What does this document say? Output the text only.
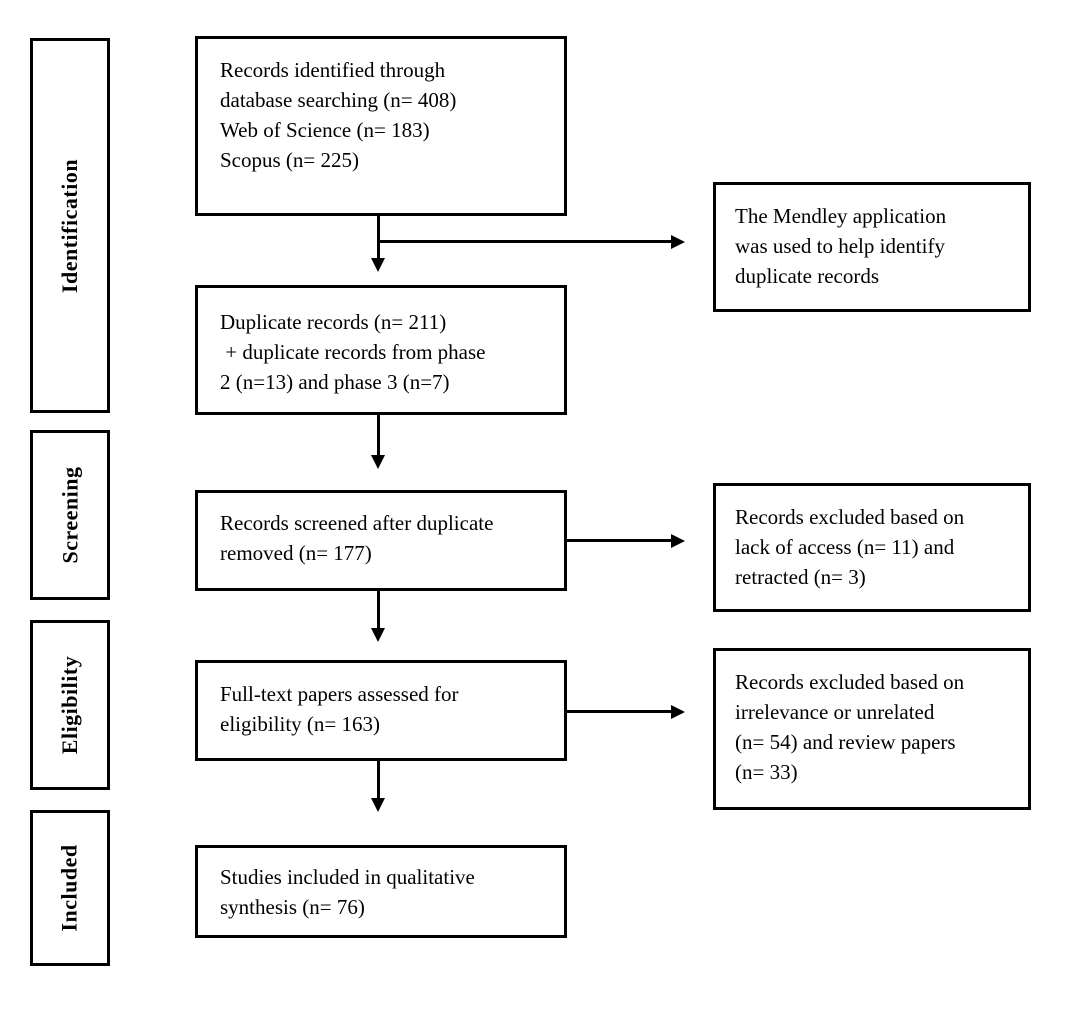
Identification
Screening
Eligibility
Included
Records identified through
database searching (n= 408)
Web of Science (n= 183)
Scopus (n= 225)
Duplicate records (n= 211)
+ duplicate records from phase
2 (n=13) and phase 3 (n=7)
Records screened after duplicate
removed (n= 177)
Full-text papers assessed for
eligibility (n= 163)
Studies included in qualitative
synthesis (n= 76)
The Mendley application
was used to help identify
duplicate records
Records excluded based on
lack of access (n= 11) and
retracted (n= 3)
Records excluded based on
irrelevance or unrelated
(n= 54) and review papers
(n= 33)
